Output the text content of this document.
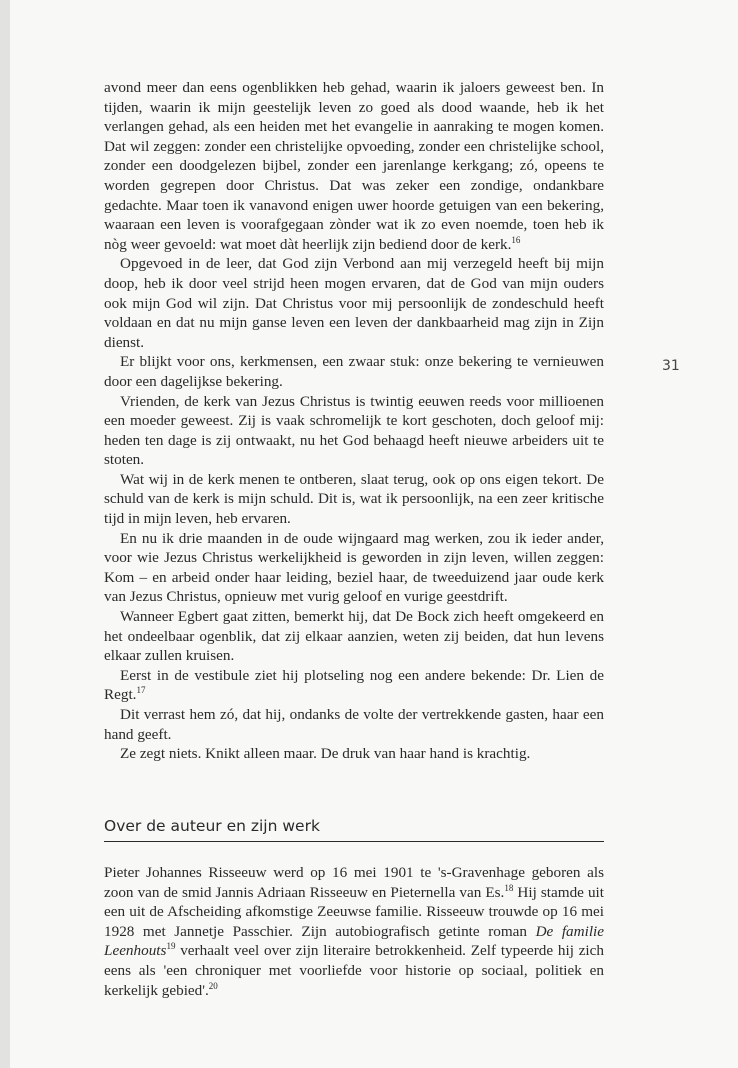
avond meer dan eens ogenblikken heb gehad, waarin ik jaloers geweest ben. In tijden, waarin ik mijn geestelijk leven zo goed als dood waande, heb ik het verlangen gehad, als een heiden met het evangelie in aanraking te mogen komen. Dat wil zeggen: zonder een christelijke opvoeding, zonder een christelijke school, zonder een doodgelezen bijbel, zonder een jarenlange kerkgang; zó, opeens te worden gegrepen door Christus. Dat was zeker een zondige, ondankbare gedachte. Maar toen ik vanavond enigen uwer hoorde getuigen van een bekering, waaraan een leven is voorafgegaan zònder wat ik zo even noemde, toen heb ik nòg weer gevoeld: wat moet dàt heerlijk zijn bediend door de kerk.$^{16}$

Opgevoed in de leer, dat God zijn Verbond aan mij verzegeld heeft bij mijn doop, heb ik door veel strijd heen mogen ervaren, dat de God van mijn ouders ook mijn God wil zijn. Dat Christus voor mij persoonlijk de zondeschuld heeft voldaan en dat nu mijn ganse leven een leven der dankbaarheid mag zijn in Zijn dienst.

Er blijkt voor ons, kerkmensen, een zwaar stuk: onze bekering te vernieuwen door een dagelijkse bekering.

Vrienden, de kerk van Jezus Christus is twintig eeuwen reeds voor millioenen een moeder geweest. Zij is vaak schromelijk te kort geschoten, doch geloof mij: heden ten dage is zij ontwaakt, nu het God behaagd heeft nieuwe arbeiders uit te stoten.

Wat wij in de kerk menen te ontberen, slaat terug, ook op ons eigen tekort. De schuld van de kerk is mijn schuld. Dit is, wat ik persoonlijk, na een zeer kritische tijd in mijn leven, heb ervaren.

En nu ik drie maanden in de oude wijngaard mag werken, zou ik ieder ander, voor wie Jezus Christus werkelijkheid is geworden in zijn leven, willen zeggen: Kom – en arbeid onder haar leiding, beziel haar, de tweeduizend jaar oude kerk van Jezus Christus, opnieuw met vurig geloof en vurige geestdrift.

Wanneer Egbert gaat zitten, bemerkt hij, dat De Bock zich heeft omgekeerd en het ondeelbaar ogenblik, dat zij elkaar aanzien, weten zij beiden, dat hun levens elkaar zullen kruisen.

Eerst in de vestibule ziet hij plotseling nog een andere bekende: Dr. Lien de Regt.$^{17}$

Dit verrast hem zó, dat hij, ondanks de volte der vertrekkende gasten, haar een hand geeft.

Ze zegt niets. Knikt alleen maar. De druk van haar hand is krachtig.

31
Over de auteur en zijn werk

Pieter Johannes Risseeuw werd op 16 mei 1901 te 's-Gravenhage geboren als zoon van de smid Jannis Adriaan Risseeuw en Pieternella van Es.$^{18}$ Hij stamde uit een uit de Afscheiding afkomstige Zeeuwse familie. Risseeuw trouwde op 16 mei 1928 met Jannetje Passchier. Zijn autobiografisch getinte roman De familie Leenhouts$^{19}$ verhaalt veel over zijn literaire betrokkenheid. Zelf typeerde hij zich eens als 'een chroniquer met voorliefde voor historie op sociaal, politiek en kerkelijk gebied'.$^{20}$
